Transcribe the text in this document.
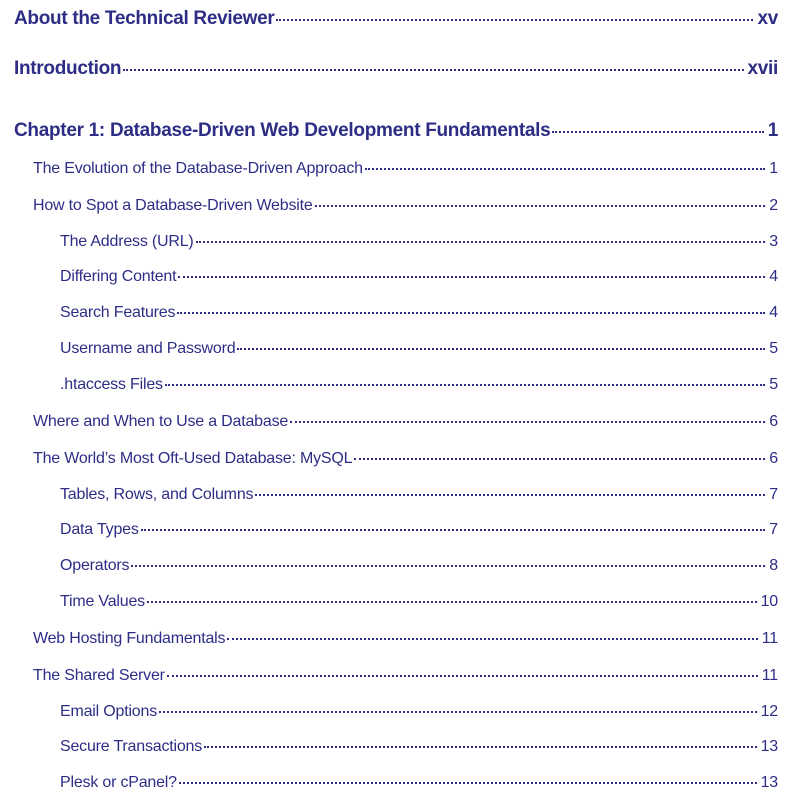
About the Technical Reviewer	xv
Introduction	xvii
Chapter 1: Database-Driven Web Development Fundamentals	1
The Evolution of the Database-Driven Approach	1
How to Spot a Database-Driven Website	2
The Address (URL)	3
Differing Content	4
Search Features	4
Username and Password	5
.htaccess Files	5
Where and When to Use a Database	6
The World’s Most Oft-Used Database: MySQL	6
Tables, Rows, and Columns	7
Data Types	7
Operators	8
Time Values	10
Web Hosting Fundamentals	11
The Shared Server	11
Email Options	12
Secure Transactions	13
Plesk or cPanel?	13
